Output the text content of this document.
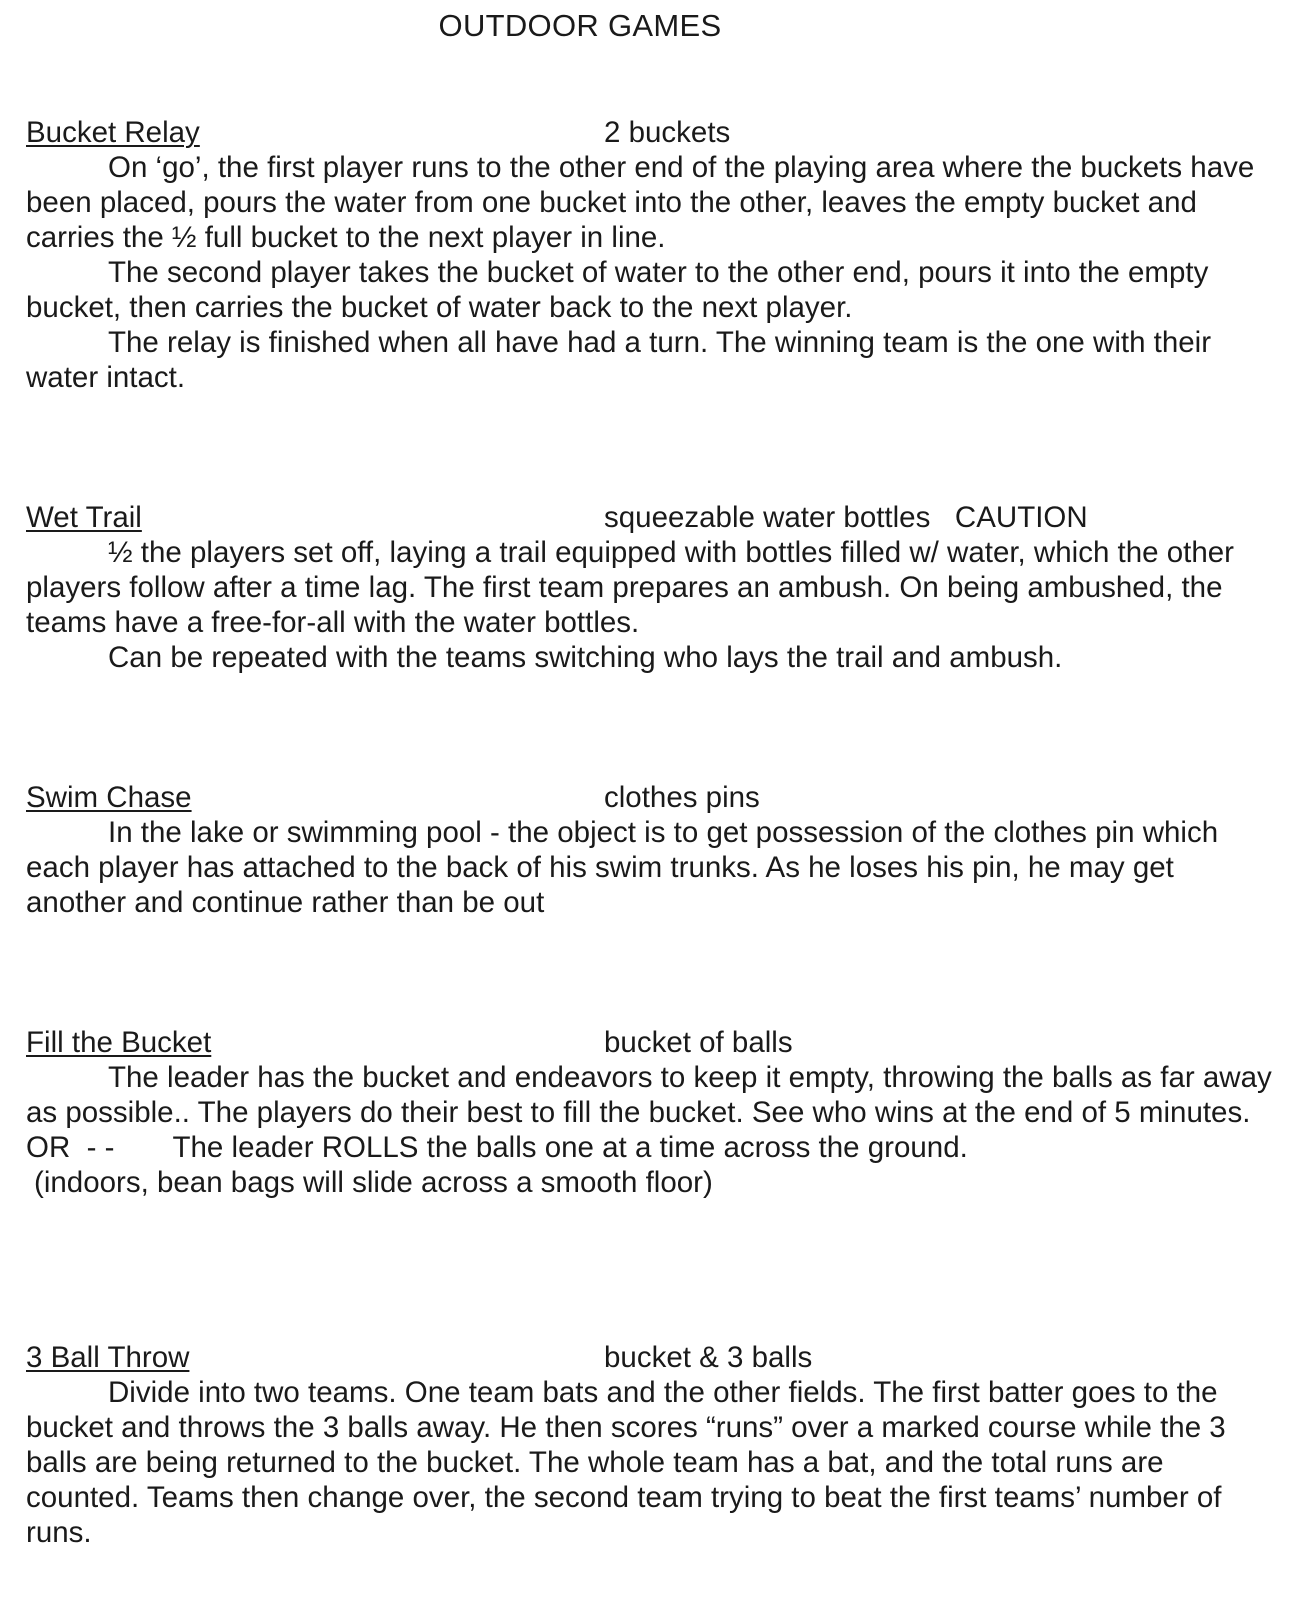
OUTDOOR GAMES
Bucket Relay	2 buckets

On ‘go’, the first player runs to the other end of the playing area where the buckets have been placed, pours the water from one bucket into the other, leaves the empty bucket and carries the ½ full bucket to the next player in line.

The second player takes the bucket of water to the other end, pours it into the empty bucket, then carries the bucket of water back to the next player.

The relay is finished when all have had a turn. The winning team is the one with their water intact.

Wet Trail	squeezable water bottles   CAUTION

½ the players set off, laying a trail equipped with bottles filled w/ water, which the other players follow after a time lag. The first team prepares an ambush. On being ambushed, the teams have a free-for-all with the water bottles.

Can be repeated with the teams switching who lays the trail and ambush.

Swim Chase	clothes pins

In the lake or swimming pool - the object is to get possession of the clothes pin which each player has attached to the back of his swim trunks. As he loses his pin, he may get another and continue rather than be out

Fill the Bucket	bucket of balls

The leader has the bucket and endeavors to keep it empty, throwing the balls as far away as possible.. The players do their best to fill the bucket. See who wins at the end of 5 minutes.

OR  - - The leader ROLLS the balls one at a time across the ground.

(indoors, bean bags will slide across a smooth floor)

3 Ball Throw	bucket & 3 balls

Divide into two teams. One team bats and the other fields. The first batter goes to the bucket and throws the 3 balls away. He then scores “runs” over a marked course while the 3 balls are being returned to the bucket. The whole team has a bat, and the total runs are counted. Teams then change over, the second team trying to beat the first teams’ number of runs.
